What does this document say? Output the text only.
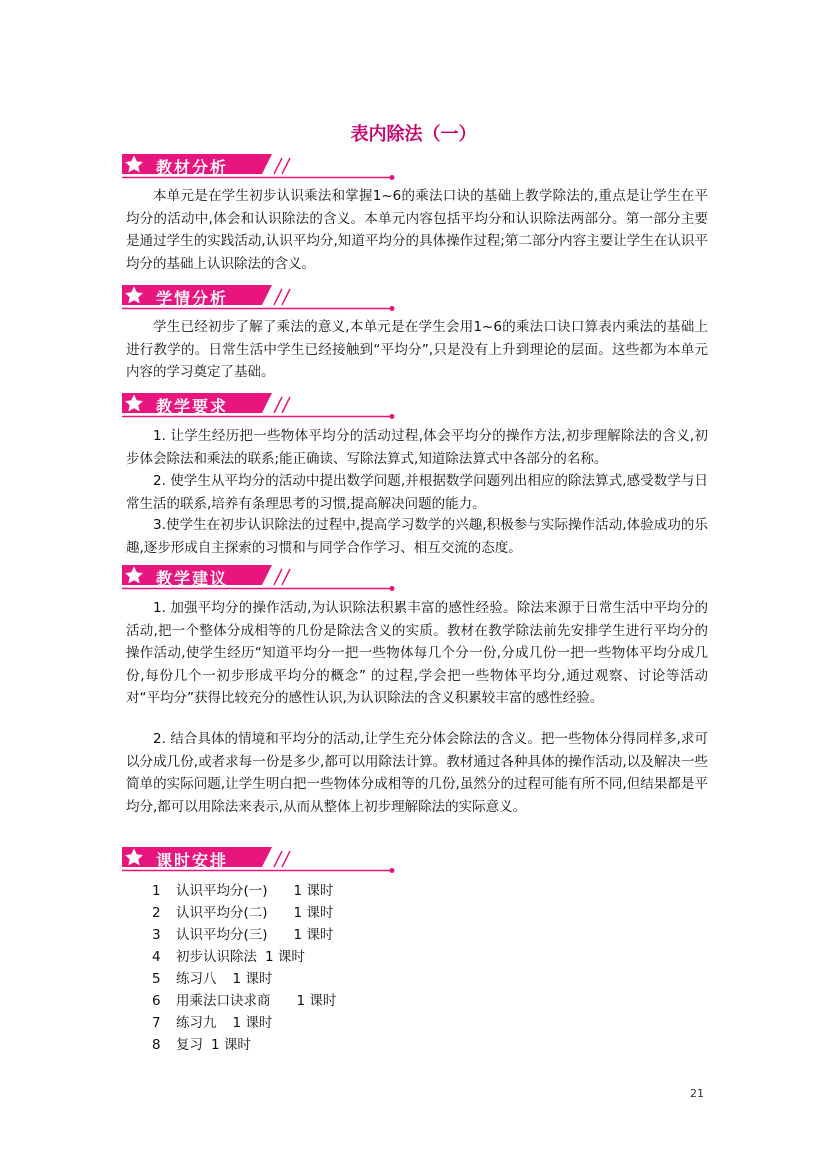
表内除法（一）
教材分析

本单元是在学生初步认识乘法和掌握1~6的乘法口诀的基础上教学除法的,重点是让学生在平均分的活动中,体会和认识除法的含义。本单元内容包括平均分和认识除法两部分。第一部分主要是通过学生的实践活动,认识平均分,知道平均分的具体操作过程;第二部分内容主要让学生在认识平均分的基础上认识除法的含义。

学情分析

学生已经初步了解了乘法的意义,本单元是在学生会用1~6的乘法口诀口算表内乘法的基础上进行教学的。日常生活中学生已经接触到“平均分”,只是没有上升到理论的层面。这些都为本单元内容的学习奠定了基础。

教学要求

1. 让学生经历把一些物体平均分的活动过程,体会平均分的操作方法,初步理解除法的含义,初步体会除法和乘法的联系;能正确读、写除法算式,知道除法算式中各部分的名称。

2. 使学生从平均分的活动中提出数学问题,并根据数学问题列出相应的除法算式,感受数学与日常生活的联系,培养有条理思考的习惯,提高解决问题的能力。

3.使学生在初步认识除法的过程中,提高学习数学的兴趣,积极参与实际操作活动,体验成功的乐趣,逐步形成自主探索的习惯和与同学合作学习、相互交流的态度。

教学建议

1. 加强平均分的操作活动,为认识除法积累丰富的感性经验。除法来源于日常生活中平均分的活动,把一个整体分成相等的几份是除法含义的实质。教材在教学除法前先安排学生进行平均分的操作活动,使学生经历“知道平均分一把一些物体每几个分一份,分成几份一把一些物体平均分成几份,每份几个一初步形成平均分的概念” 的过程,学会把一些物体平均分,通过观察、讨论等活动对“平均分”获得比较充分的感性认识,为认识除法的含义积累较丰富的感性经验。

2. 结合具体的情境和平均分的活动,让学生充分体会除法的含义。把一些物体分得同样多,求可以分成几份,或者求每一份是多少,都可以用除法计算。教材通过各种具体的操作活动,以及解决一些简单的实际问题,让学生明白把一些物体分成相等的几份,虽然分的过程可能有所不同,但结果都是平均分,都可以用除法来表示,从而从整体上初步理解除法的实际意义。

课时安排
1 认识平均分(一) 1 课时
2 认识平均分(二) 1 课时
3 认识平均分(三) 1 课时
4 初步认识除法 1 课时
5 练习八 1 课时
6 用乘法口诀求商 1 课时
7 练习九 1 课时
8 复习 1 课时
21
